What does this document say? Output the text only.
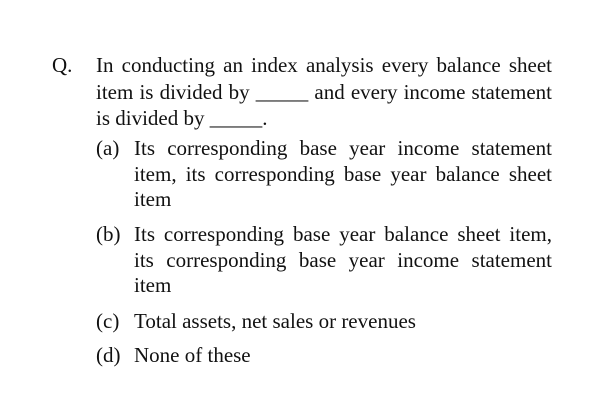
Q. In conducting an index analysis every balance sheet item is divided by _____ and every income statement is divided by _____.
(a) Its corresponding base year income statement item, its corresponding base year balance sheet item
(b) Its corresponding base year balance sheet item, its corresponding base year income statement item
(c) Total assets, net sales or revenues
(d) None of these
